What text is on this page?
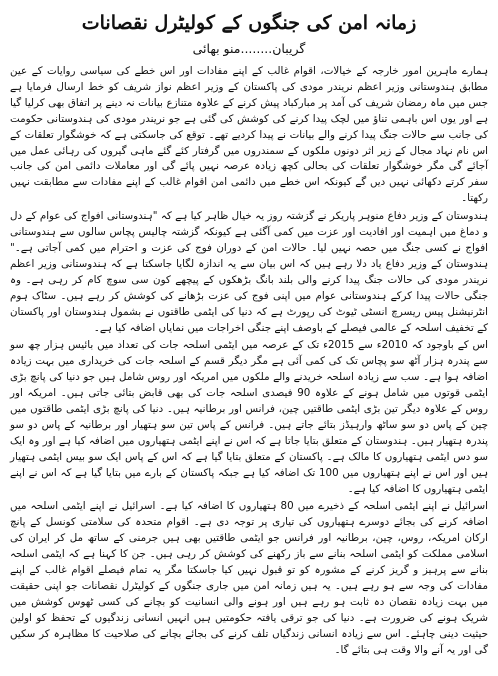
زمانہ امن کی جنگوں کے کولیٹرل نقصانات
گریبان........منو بھائی

ہمارے ماہرین امور خارجہ کے خیالات، اقوام غالب کے اپنے مفادات اور اس خطے کی سیاسی روایات کے عین مطابق ہندوستانی وزیر اعظم نریندر مودی کی پاکستان کے وزیر اعظم نواز شریف کو خط ارسال فرمایا ہے جس میں ماہ رمضان شریف کی آمد پر مبارکباد پیش کرنے کے علاوہ متنازع بیانات نہ دینے پر اتفاق بھی کرلیا گیا ہے اور یوں اس باہمی تناؤ میں لچک پیدا کرنے کی کوشش کی گئی ہے جو نریندر مودی کی ہندوستانی حکومت کی جانب سے حالات جنگ پیدا کرنے والے بیانات نے پیدا کردیے تھے۔ توقع کی جاسکتی ہے کہ خوشگوار تعلقات کے اس نام نہاد مجال کے زیر اثر دونوں ملکوں کے سمندروں میں گرفتار کئے گئے ماہی گیروں کی رہائی عمل میں آجائے گی مگر خوشگوار تعلقات کی بحالی کچھ زیادہ عرصہ نہیں پائے گی اور معاملات دائمی امن کی جانب سفر کرتے دکھائی نہیں دیں گے کیونکہ اس خطے میں دائمی امن اقوام غالب کے اپنے مفادات سے مطابقت نہیں رکھتا۔

ہندوستان کے وزیر دفاع منوہر پاریکر نے گزشتہ روز یہ خیال ظاہر کیا ہے کہ "ہندوستانی افواج کی عوام کے دل و دماغ میں اہمیت اور افادیت اور عزت میں کمی آگئی ہے کیونکہ گزشتہ چالیس پچاس سالوں سے ہندوستانی افواج نے کسی جنگ میں حصہ نہیں لیا۔ حالات امن کے دوران فوج کی عزت و احترام میں کمی آجاتی ہے۔" ہندوستان کے وزیر دفاع یاد دلا رہے ہیں کہ اس بیان سے یہ اندازہ لگایا جاسکتا ہے کہ ہندوستانی وزیر اعظم نریندر مودی کی حالات جنگ پیدا کرنے والی بلند بانگ بڑھکوں کے پیچھے کون سی سوچ کام کر رہی ہے۔ وہ جنگی حالات پیدا کرکے ہندوستانی عوام میں اپنی فوج کی عزت بڑھانے کی کوشش کر رہے ہیں۔ سٹاک ہوم انٹرنیشنل پیس ریسرچ انسٹی ٹیوٹ کی رپورٹ ہے کہ دنیا کی ایٹمی طاقتوں نے بشمول ہندوستان اور پاکستان کے تخفیف اسلحہ کے عالمی فیصلے کے باوصف اپنے جنگی اخراجات میں نمایاں اضافہ کیا ہے۔

اس کے باوجود کہ 2010ء سے 2015ء تک کے عرصہ میں ایٹمی اسلحہ جات کی تعداد میں بائیس ہزار چھ سو سے پندرہ ہزار آٹھ سو پچاس تک کی کمی آئی ہے مگر دیگر قسم کے اسلحہ جات کی خریداری میں بہت زیادہ اضافہ ہوا ہے۔ سب سے زیادہ اسلحہ خریدنے والے ملکوں میں امریکہ اور روس شامل ہیں جو دنیا کی پانچ بڑی ایٹمی قوتوں میں شامل ہونے کے علاوہ 90 فیصدی اسلحہ جات کی بھی قابض بتائی جاتی ہیں۔ امریکہ اور روس کے علاوہ دیگر تین بڑی ایٹمی طاقتیں چین، فرانس اور برطانیہ ہیں۔ دنیا کی پانچ بڑی ایٹمی طاقتوں میں چین کے پاس دو سو ساٹھ وارہیڈز بتائے جاتے ہیں۔ فرانس کے پاس تین سو ہتھیار اور برطانیہ کے پاس دو سو پندرہ ہتھیار ہیں۔ ہندوستان کے متعلق بتایا جاتا ہے کہ اس نے اپنے ایٹمی ہتھیاروں میں اضافہ کیا ہے اور وہ ایک سو دس ایٹمی ہتھیاروں کا مالک ہے۔ پاکستان کے متعلق بتایا گیا ہے کہ اس کے پاس ایک سو بیس ایٹمی ہتھیار ہیں اور اس نے اپنے ہتھیاروں میں 100 تک اضافہ کیا ہے جبکہ پاکستان کے بارے میں بتایا گیا ہے کہ اس نے اپنے ایٹمی ہتھیاروں کا اضافہ کیا ہے۔

اسرائیل نے اپنے ایٹمی اسلحہ کے ذخیرے میں 80 ہتھیاروں کا اضافہ کیا ہے۔ اسرائیل نے اپنے ایٹمی اسلحہ میں اضافہ کرنے کی بجائے دوسرے ہتھیاروں کی تیاری پر توجہ دی ہے۔ اقوام متحدہ کی سلامتی کونسل کے پانچ ارکان امریکہ، روس، چین، برطانیہ اور فرانس جو ایٹمی طاقتیں بھی ہیں جرمنی کے ساتھ مل کر ایران کی اسلامی مملکت کو ایٹمی اسلحہ بنانے سے باز رکھنے کی کوشش کر رہی ہیں۔ جن کا کہنا ہے کہ ایٹمی اسلحہ بنانے سے پرہیز و گریز کرنے کے مشورہ کو تو قبول نہیں کیا جاسکتا مگر یہ تمام فیصلے اقوام غالب کے اپنے مفادات کی وجہ سے ہو رہے ہیں۔ یہ ہیں زمانہ امن میں جاری جنگوں کے کولیٹرل نقصانات جو اپنی حقیقت میں بہت زیادہ نقصان دہ ثابت ہو رہے ہیں اور ہونے والی انسانیت کو بچانے کی کسی ٹھوس کوشش میں شریک ہونے کی ضرورت ہے۔ دنیا کی جو ترقی یافتہ حکومتیں ہیں انہیں انسانی زندگیوں کے تحفظ کو اولین حیثیت دینی چاہئے۔ اس سے زیادہ انسانی زندگیاں تلف کرنے کی بجائے بچانے کی صلاحیت کا مظاہرہ کر سکیں گی اور یہ آنے والا وقت ہی بتائے گا۔
